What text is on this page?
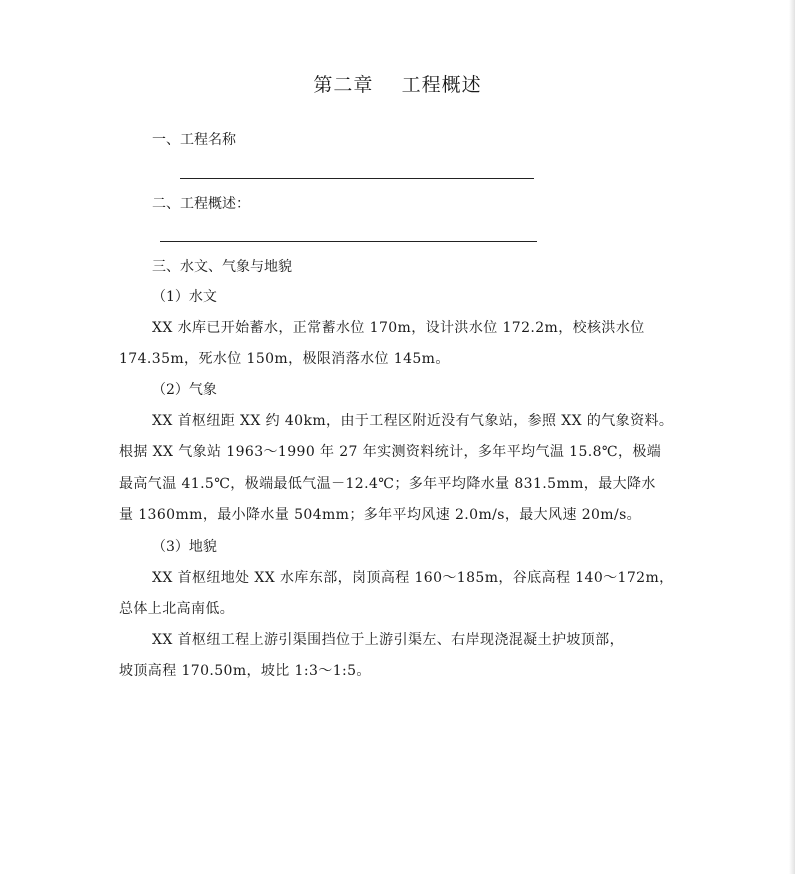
第二章    工程概述
一、工程名称
二、工程概述：
三、水文、气象与地貌
（1）水文
XX 水库已开始蓄水，正常蓄水位 170m，设计洪水位 172.2m，校核洪水位
174.35m，死水位 150m，极限消落水位 145m。
（2）气象
XX 首枢纽距 XX 约 40km，由于工程区附近没有气象站，参照 XX 的气象资料。
根据 XX 气象站 1963～1990 年 27 年实测资料统计，多年平均气温 15.8℃，极端
最高气温 41.5℃，极端最低气温－12.4℃；多年平均降水量 831.5mm，最大降水
量 1360mm，最小降水量 504mm；多年平均风速 2.0m/s，最大风速 20m/s。
（3）地貌
XX 首枢纽地处 XX 水库东部，岗顶高程 160～185m，谷底高程 140～172m，
总体上北高南低。
XX 首枢纽工程上游引渠围挡位于上游引渠左、右岸现浇混凝土护坡顶部，
坡顶高程 170.50m，坡比 1:3～1:5。
